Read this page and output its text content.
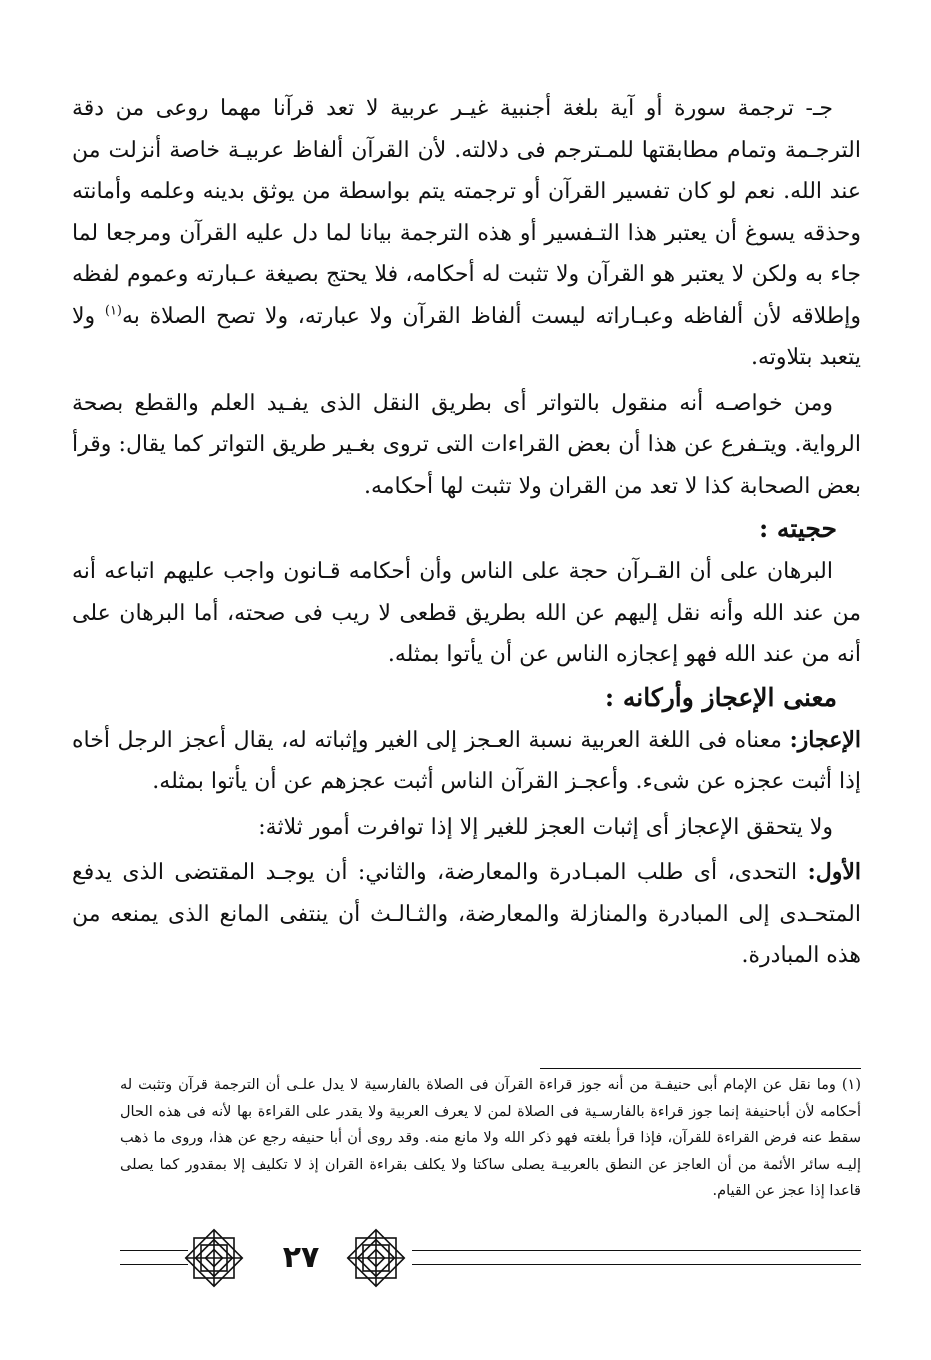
جـ- ترجمة سورة أو آية بلغة أجنبية غيـر عربية لا تعد قرآنا مهما روعى من دقة الترجـمة وتمام مطابقتها للمـترجم فى دلالته. لأن القرآن ألفاظ عربيـة خاصة أنزلت من عند الله. نعم لو كان تفسير القرآن أو ترجمته يتم بواسطة من يوثق بدينه وعلمه وأمانته وحذقه يسوغ أن يعتبر هذا التـفسير أو هذه الترجمة بيانا لما دل عليه القرآن ومرجعا لما جاء به ولكن لا يعتبر هو القرآن ولا تثبت له أحكامه، فلا يحتج بصيغة عـبارته وعموم لفظه وإطلاقه لأن ألفاظه وعبـاراته ليست ألفاظ القرآن ولا عبارته، ولا تصح الصلاة به$^{(١)}$ ولا يتعبد بتلاوته.

ومن خواصـه أنه منقول بالتواتر أى بطريق النقل الذى يفـيد العلم والقطع بصحة الرواية. ويتـفرع عن هذا أن بعض القراءات التى تروى بغـير طريق التواتر كما يقال: وقرأ بعض الصحابة كذا لا تعد من القران ولا تثبت لها أحكامه.

حجيته :

البرهان على أن القـرآن حجة على الناس وأن أحكامه قـانون واجب عليهم اتباعه أنه من عند الله وأنه نقل إليهم عن الله بطريق قطعى لا ريب فى صحته، أما البرهان على أنه من عند الله فهو إعجازه الناس عن أن يأتوا بمثله.

معنى الإعجاز وأركانه :

الإعجاز: معناه فى اللغة العربية نسبة العـجز إلى الغير وإثباته له، يقال أعجز الرجل أخاه إذا أثبت عجزه عن شىء. وأعجـز القرآن الناس أثبت عجزهم عن أن يأتوا بمثله.

ولا يتحقق الإعجاز أى إثبات العجز للغير إلا إذا توافرت أمور ثلاثة:

الأول: التحدى، أى طلب المبـادرة والمعارضة، والثاني: أن يوجـد المقتضى الذى يدفع المتحـدى إلى المبادرة والمنازلة والمعارضة، والثـالـث أن ينتفى المانع الذى يمنعه من هذه المبادرة.

(١) وما نقل عن الإمام أبى حنيفـة من أنه جوز قراءة القرآن فى الصلاة بالفارسية لا يدل علـى أن الترجمة قرآن وتثبت له أحكامه لأن أباحنيفة إنما جوز قراءة بالفارسـية فى الصلاة لمن لا يعرف العربية ولا يقدر على القراءة بها لأنه فى هذه الحال سقط عنه فرض القراءة للقرآن، فإذا قرأ بلغته فهو ذكر الله ولا مانع منه. وقد روى أن أبا حنيفه رجع عن هذا، وروى ما ذهب إليـه سائر الأئمة من أن العاجز عن النطق بالعربيـة يصلى ساكتا ولا يكلف بقراءة القران إذ لا تكليف إلا بمقدور كما يصلى قاعدا إذا عجز عن القيام.

٢٧
